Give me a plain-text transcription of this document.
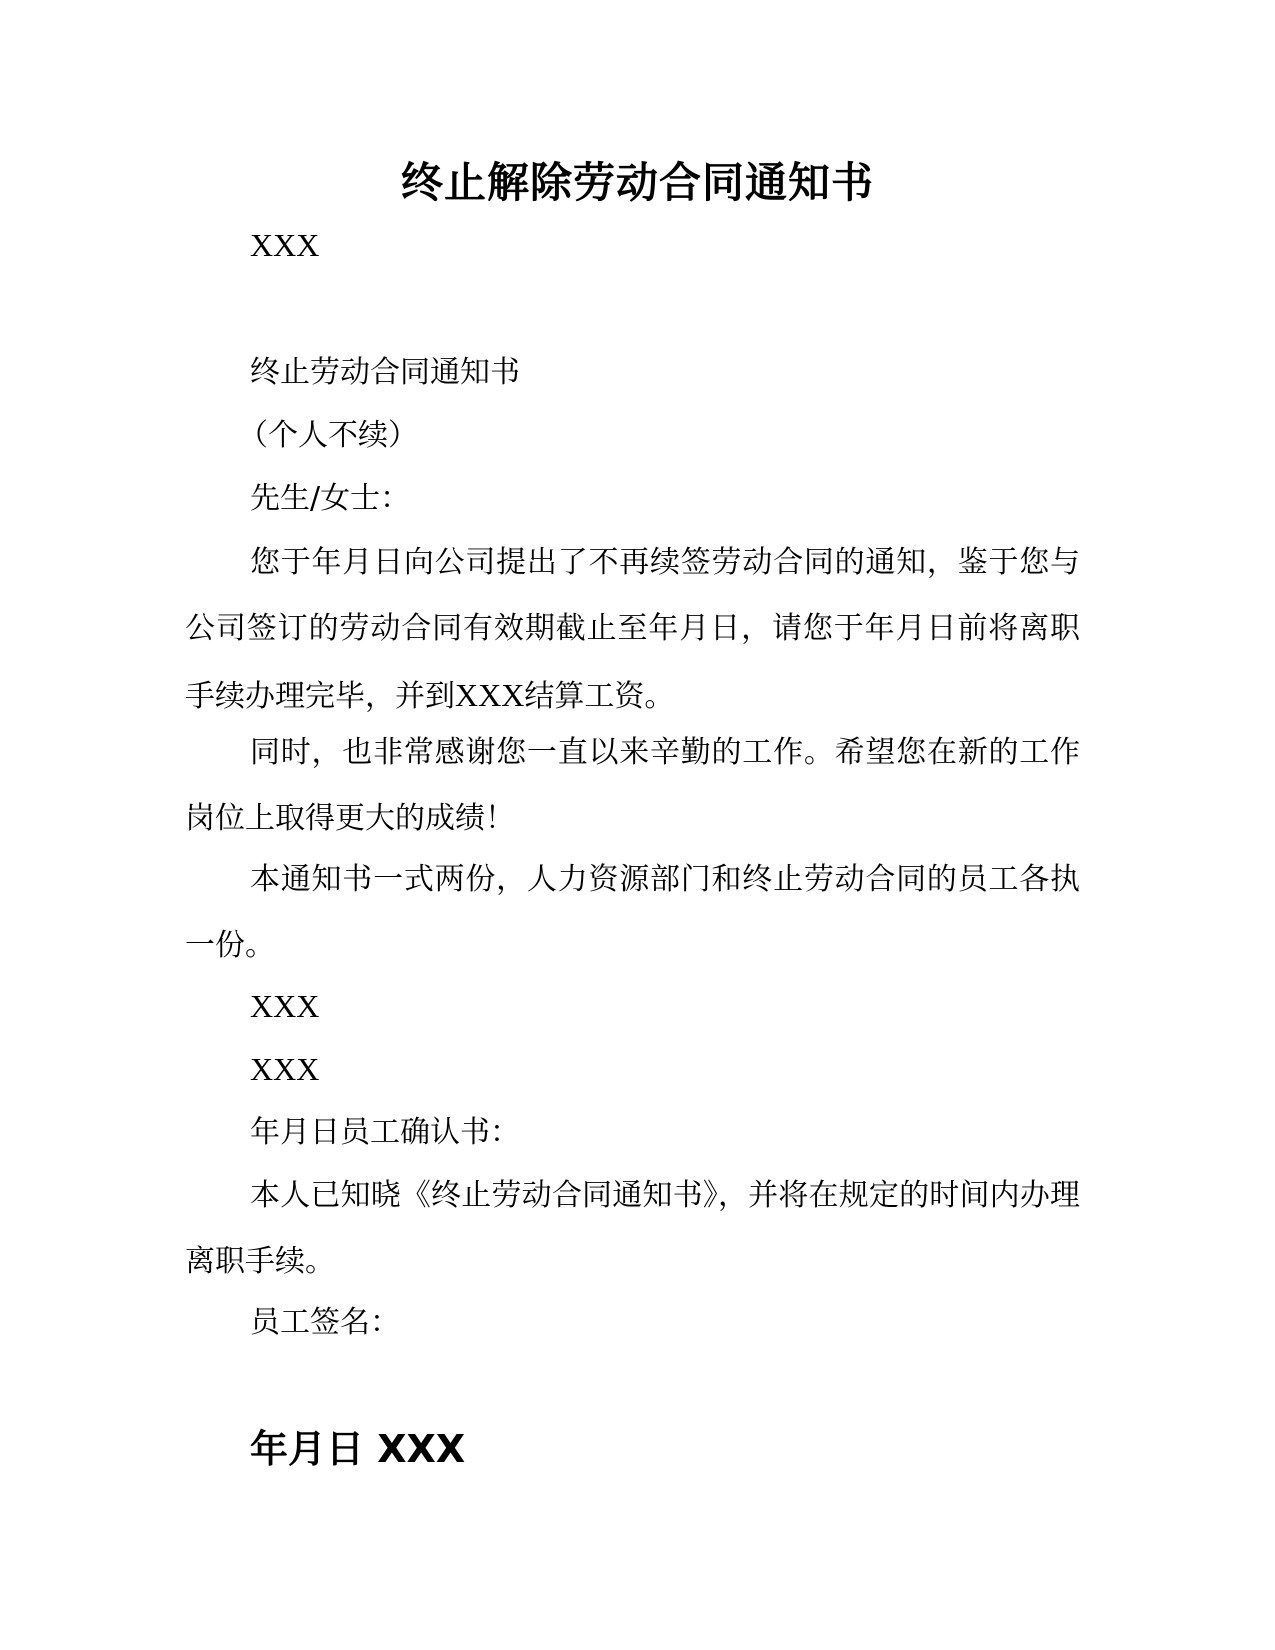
终止解除劳动合同通知书
XXX
终止劳动合同通知书
（个人不续）
先生/女士：
您于年月日向公司提出了不再续签劳动合同的通知，鉴于您与公司签订的劳动合同有效期截止至年月日，请您于年月日前将离职手续办理完毕，并到XXX结算工资。
同时，也非常感谢您一直以来辛勤的工作。希望您在新的工作岗位上取得更大的成绩！
本通知书一式两份，人力资源部门和终止劳动合同的员工各执一份。
XXX
XXX
年月日员工确认书：
本人已知晓《终止劳动合同通知书》，并将在规定的时间内办理离职手续。
员工签名：
年月日 XXX
